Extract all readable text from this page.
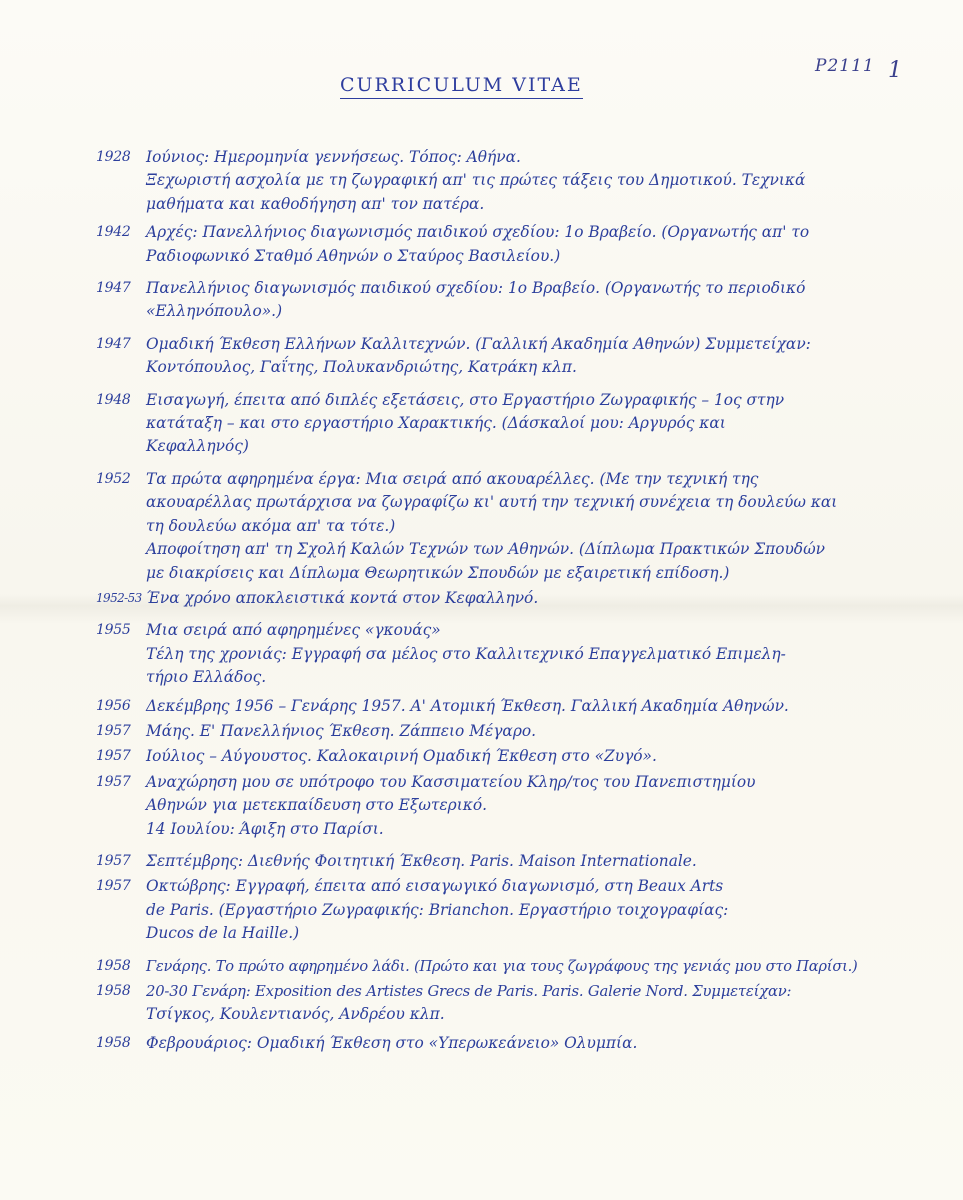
P2111 1
CURRICULUM VITAE
1928	Ιούνιος: Ημερομηνία γεννήσεως. Τόπος: Αθήνα.
Ξεχωριστή ασχολία με τη ζωγραφική απ' τις πρώτες τάξεις του Δημοτικού. Τεχνικά
μαθήματα και καθοδήγηση απ' τον πατέρα.
1942	Αρχές: Πανελλήνιος διαγωνισμός παιδικού σχεδίου: 1ο Βραβείο. (Οργανωτής απ' το
Ραδιοφωνικό Σταθμό Αθηνών ο Σταύρος Βασιλείου.)
1947	Πανελλήνιος διαγωνισμός παιδικού σχεδίου: 1ο Βραβείο. (Οργανωτής το περιοδικό
«Ελληνόπουλο».)
1947	Ομαδική Έκθεση Ελλήνων Καλλιτεχνών. (Γαλλική Ακαδημία Αθηνών) Συμμετείχαν:
Κοντόπουλος, Γαΐτης, Πολυκανδριώτης, Κατράκη κλπ.
1948	Εισαγωγή, έπειτα από διπλές εξετάσεις, στο Εργαστήριο Ζωγραφικής – 1ος στην
κατάταξη – και στο εργαστήριο Χαρακτικής. (Δάσκαλοί μου: Αργυρός και
Κεφαλληνός)
1952	Τα πρώτα αφηρημένα έργα: Μια σειρά από ακουαρέλλες. (Με την τεχνική της
ακουαρέλλας πρωτάρχισα να ζωγραφίζω κι' αυτή την τεχνική συνέχεια τη δουλεύω και
τη δουλεύω ακόμα απ' τα τότε.)
Αποφοίτηση απ' τη Σχολή Καλών Τεχνών των Αθηνών. (Δίπλωμα Πρακτικών Σπουδών
με διακρίσεις και Δίπλωμα Θεωρητικών Σπουδών με εξαιρετική επίδοση.)
1952-53 Ένα χρόνο αποκλειστικά κοντά στον Κεφαλληνό.
1955	Μια σειρά από αφηρημένες «γκουάς»
Τέλη της χρονιάς: Εγγραφή σα μέλος στο Καλλιτεχνικό Επαγγελματικό Επιμελη-
τήριο Ελλάδος.
1956	Δεκέμβρης 1956 – Γενάρης 1957. Α' Ατομική Έκθεση. Γαλλική Ακαδημία Αθηνών.
1957	Μάης. Ε' Πανελλήνιος Έκθεση. Ζάππειο Μέγαρο.
1957	Ιούλιος – Αύγουστος. Καλοκαιρινή Ομαδική Έκθεση στο «Ζυγό».
1957	Αναχώρηση μου σε υπότροφο του Κασσιματείου Κληρ/τος του Πανεπιστημίου
Αθηνών για μετεκπαίδευση στο Εξωτερικό.
14 Ιουλίου: Άφιξη στο Παρίσι.
1957	Σεπτέμβρης: Διεθνής Φοιτητική Έκθεση. Paris. Maison Internationale.
1957	Οκτώβρης: Εγγραφή, έπειτα από εισαγωγικό διαγωνισμό, στη Beaux Arts
de Paris. (Εργαστήριο Ζωγραφικής: Brianchon. Εργαστήριο τοιχογραφίας:
Ducos de la Haille.)
1958	Γενάρης. Το πρώτο αφηρημένο λάδι. (Πρώτο και για τους ζωγράφους της γενιάς μου στο Παρίσι.)
1958	20-30 Γενάρη: Exposition des Artistes Grecs de Paris. Paris. Galerie Nord. Συμμετείχαν:
Τσίγκος, Κουλεντιανός, Ανδρέου κλπ.
1958	Φεβρουάριος: Ομαδική Έκθεση στο «Υπερωκεάνειο» Ολυμπία.
